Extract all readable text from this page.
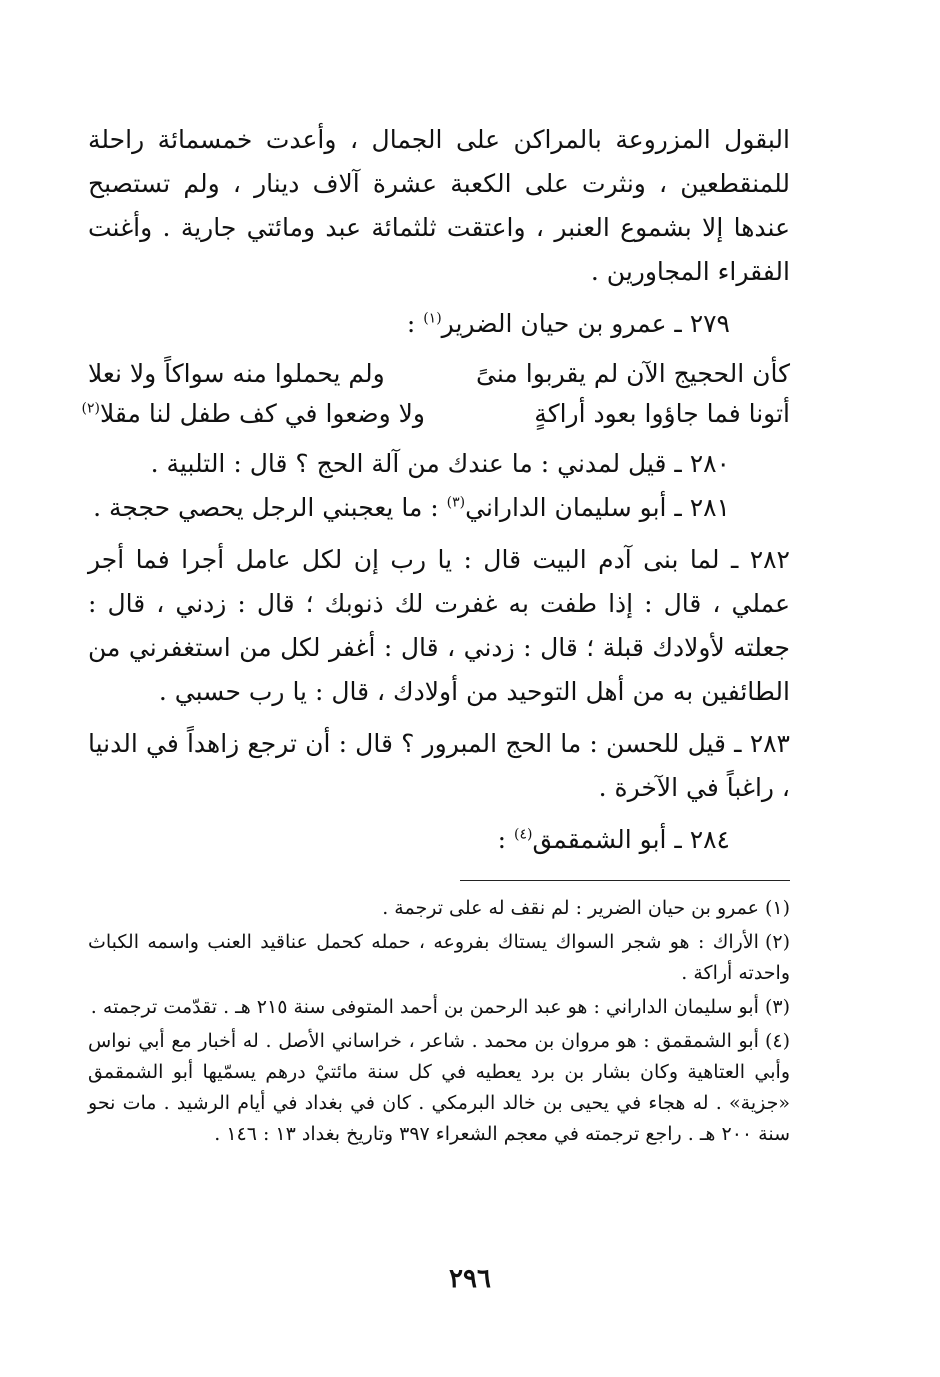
البقول المزروعة بالمراكن على الجمال ، وأعدت خمسمائة راحلة للمنقطعين ، ونثرت على الكعبة عشرة آلاف دينار ، ولم تستصبح عندها إلا بشموع العنبر ، واعتقت ثلثمائة عبد ومائتي جارية . وأغنت الفقراء المجاورين .

٢٧٩ ـ عمرو بن حيان الضرير$^{(١)}$ :

كأن الحجيج الآن لم يقربوا منىً
ولم يحملوا منه سواكاً ولا نعلا
أتونا فما جاؤوا بعود أراكةٍ
ولا وضعوا في كف طفل لنا مقلا$^{(٢)}$

٢٨٠ ـ قيل لمدني : ما عندك من آلة الحج ؟ قال : التلبية .

٢٨١ ـ أبو سليمان الداراني$^{(٣)}$ : ما يعجبني الرجل يحصي حججة .

٢٨٢ ـ لما بنى آدم البيت قال : يا رب إن لكل عامل أجرا فما أجر عملي ، قال : إذا طفت به غفرت لك ذنوبك ؛ قال : زدني ، قال : جعلته لأولادك قبلة ؛ قال : زدني ، قال : أغفر لكل من استغفرني من الطائفين به من أهل التوحيد من أولادك ، قال : يا رب حسبي .

٢٨٣ ـ قيل للحسن : ما الحج المبرور ؟ قال : أن ترجع زاهداً في الدنيا ، راغباً في الآخرة .

٢٨٤ ـ أبو الشمقمق$^{(٤)}$ :

(١)عمرو بن حيان الضرير : لم نقف له على ترجمة .

(٢)الأراك : هو شجر السواك يستاك بفروعه ، حمله كحمل عناقيد العنب واسمه الكباث واحدته أراكة .

(٣)أبو سليمان الداراني : هو عبد الرحمن بن أحمد المتوفى سنة ٢١٥ هـ . تقدّمت ترجمته .

(٤)أبو الشمقمق : هو مروان بن محمد . شاعر ، خراساني الأصل . له أخبار مع أبي نواس وأبي العتاهية وكان بشار بن برد يعطيه في كل سنة مائتيْ درهم يسمّيها أبو الشمقمق «جزية» . له هجاء في يحيى بن خالد البرمكي . كان في بغداد في أيام الرشيد . مات نحو سنة ٢٠٠ هـ . راجع ترجمته في معجم الشعراء ٣٩٧ وتاريخ بغداد ١٣ : ١٤٦ .

٢٩٦
